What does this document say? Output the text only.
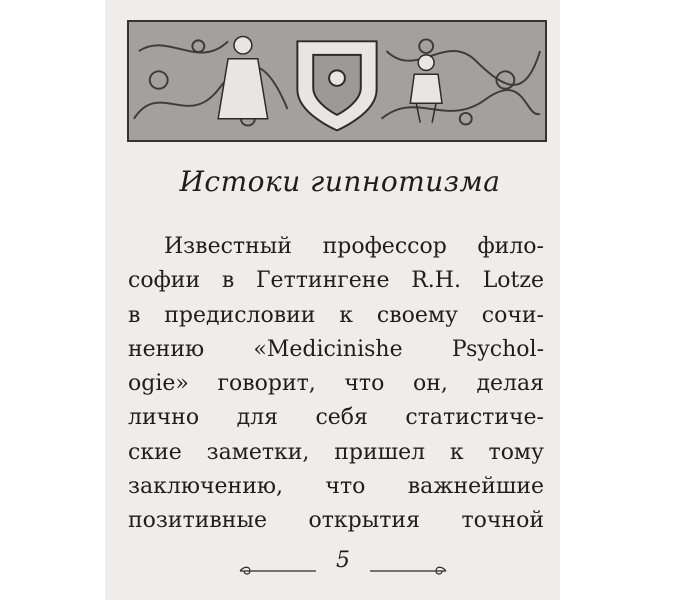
Истоки гипнотизма
Известный профессор фило-
софии в Геттингене R.H. Lotze
в предисловии к своему сочи-
нению «Medicinishe Psychol-
ogie» говорит, что он, делая
лично для себя статистиче-
ские заметки, пришел к тому
заключению, что важнейшие
позитивные открытия точной
5
